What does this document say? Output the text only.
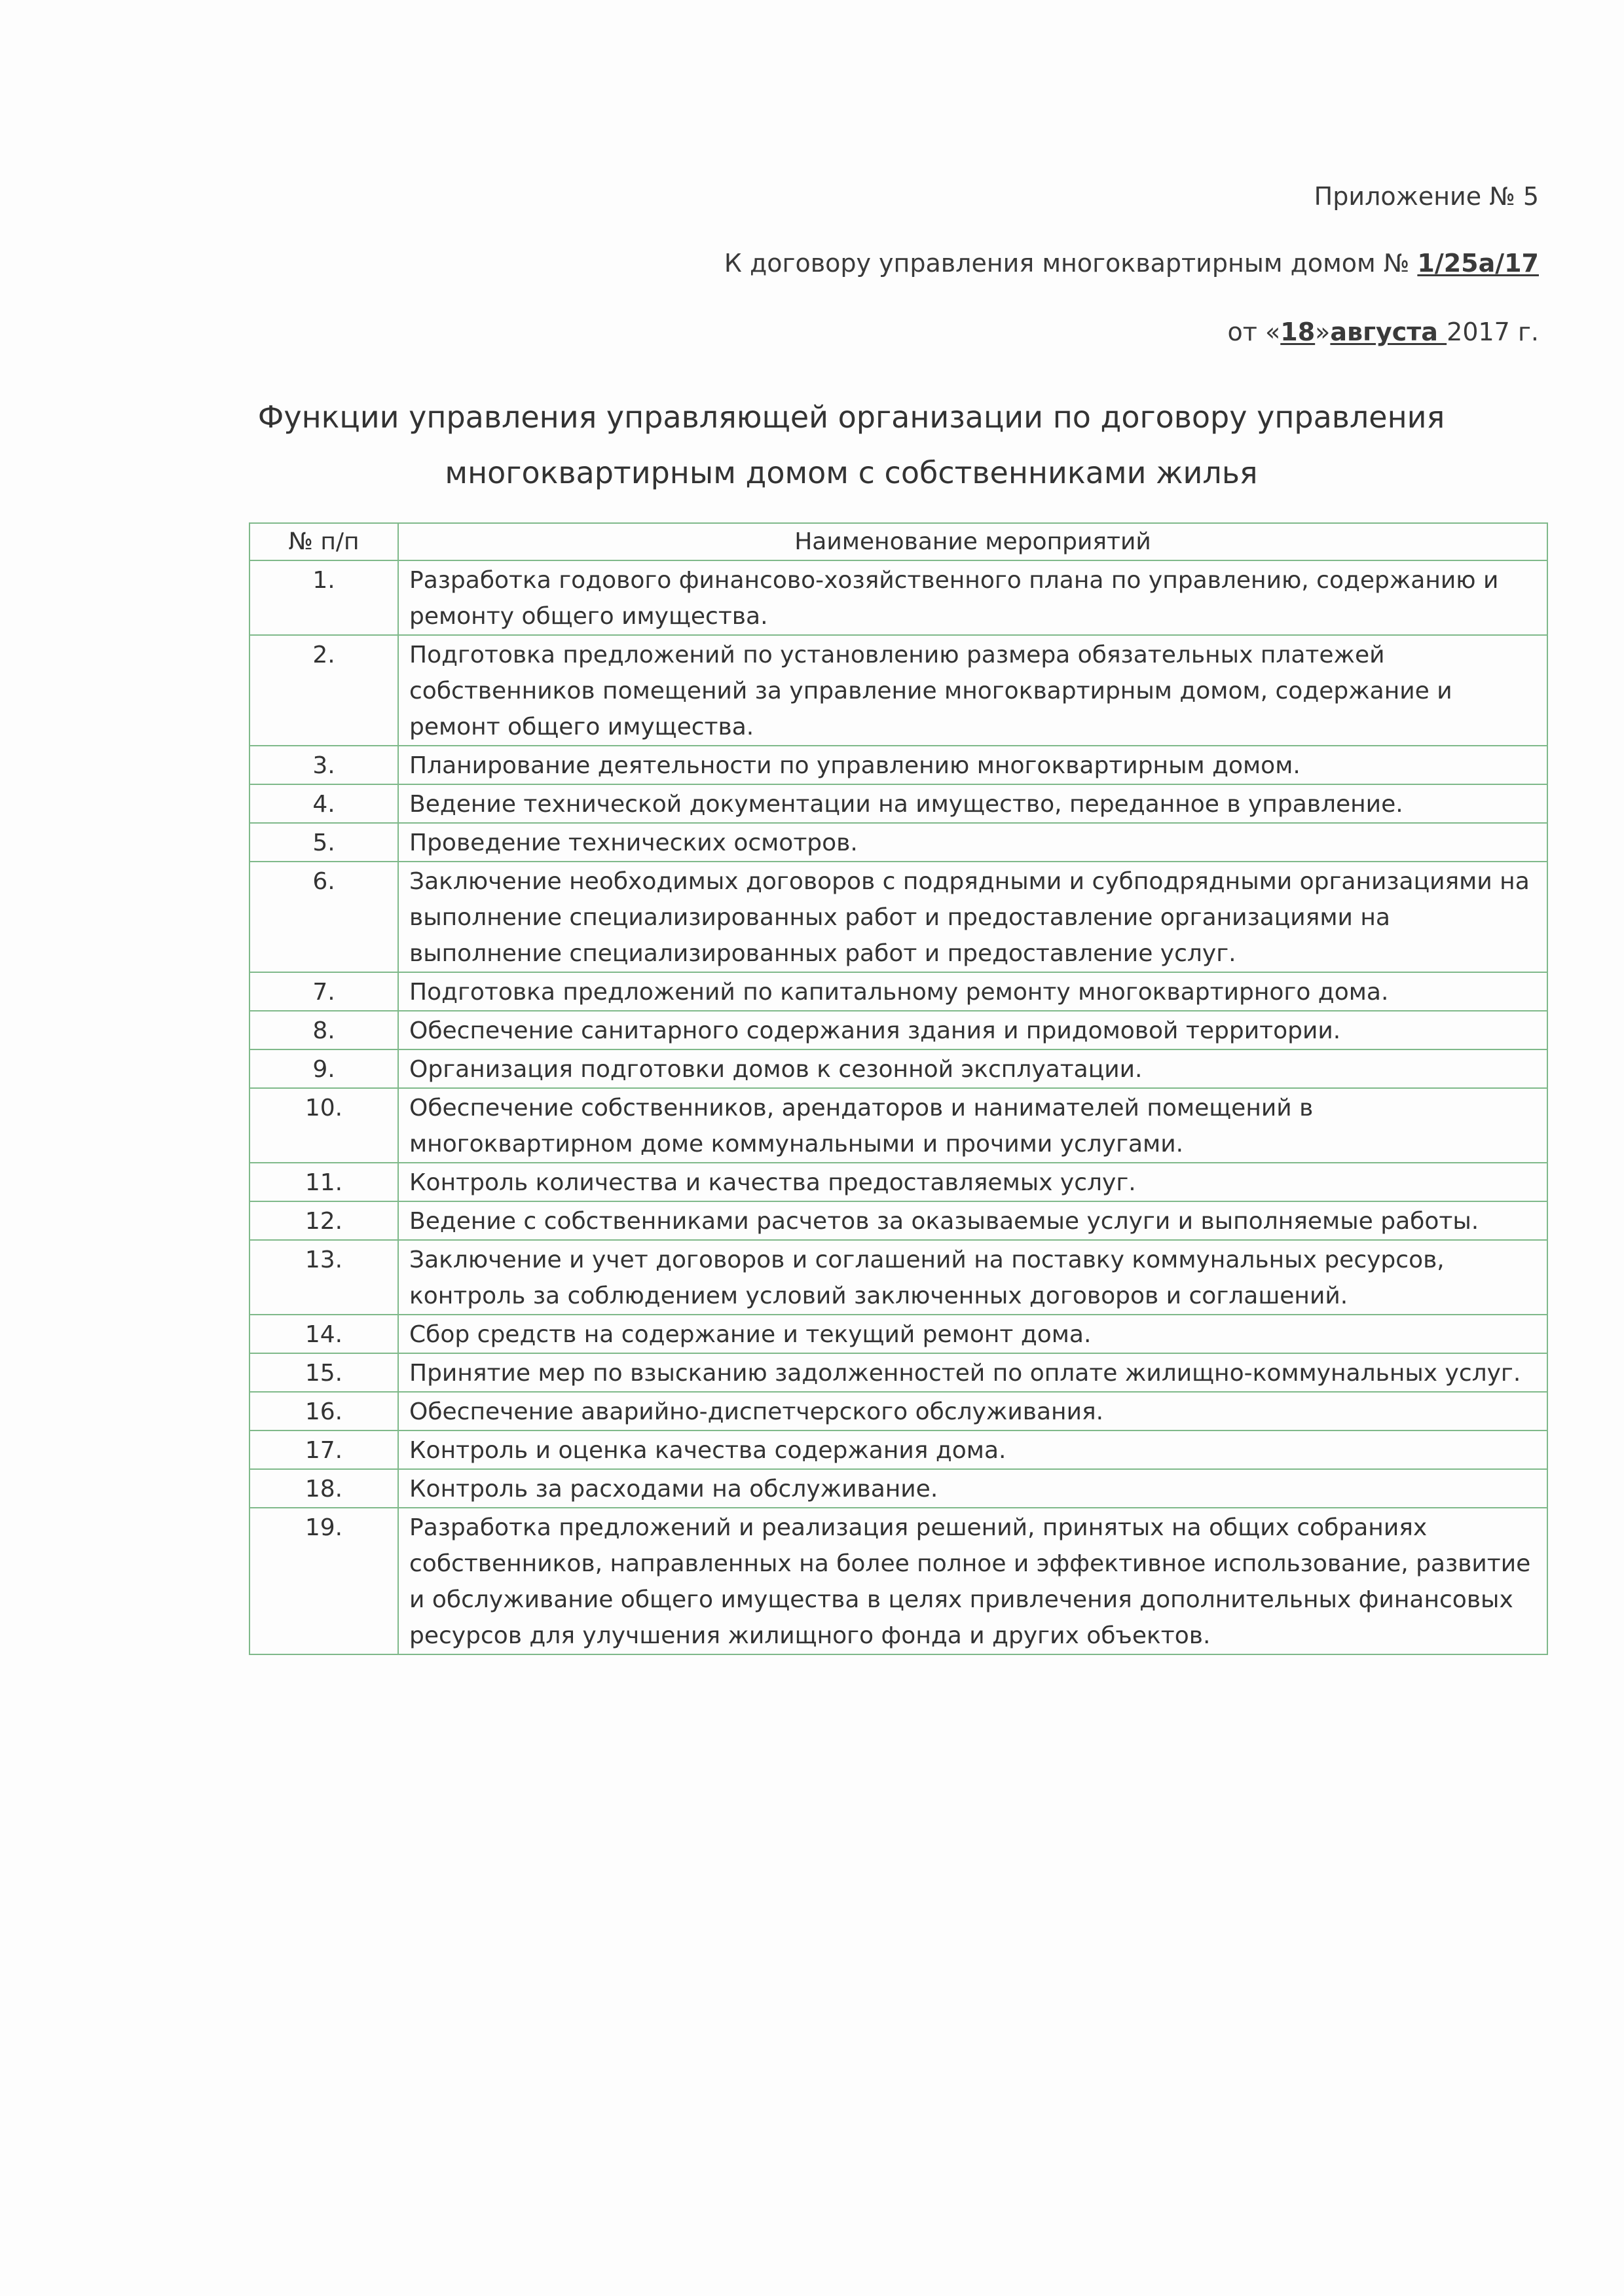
Приложение № 5
К договору управления многоквартирным домом № 1/25а/17
от «18»августа 2017 г.
Функции управления управляющей организации по договору управления
многоквартирным домом с собственниками жилья
№ п/п	Наименование мероприятий
1.	Разработка годового финансово-хозяйственного плана по управлению, содержанию и ремонту общего имущества.
2.	Подготовка предложений по установлению размера обязательных платежей собственников помещений за управление многоквартирным домом, содержание и ремонт общего имущества.
3.	Планирование деятельности по управлению многоквартирным домом.
4.	Ведение технической документации на имущество, переданное в управление.
5.	Проведение технических осмотров.
6.	Заключение необходимых договоров с подрядными и субподрядными организациями на выполнение специализированных работ и предоставление организациями на выполнение специализированных работ и предоставление услуг.
7.	Подготовка предложений по капитальному ремонту многоквартирного дома.
8.	Обеспечение санитарного содержания здания и придомовой территории.
9.	Организация подготовки домов к сезонной эксплуатации.
10.	Обеспечение собственников, арендаторов и нанимателей помещений в многоквартирном доме коммунальными и прочими услугами.
11.	Контроль количества и качества предоставляемых услуг.
12.	Ведение с собственниками расчетов за оказываемые услуги и выполняемые работы.
13.	Заключение и учет договоров и соглашений на поставку коммунальных ресурсов, контроль за соблюдением условий заключенных договоров и соглашений.
14.	Сбор средств на содержание и текущий ремонт дома.
15.	Принятие мер по взысканию задолженностей по оплате жилищно-коммунальных услуг.
16.	Обеспечение аварийно-диспетчерского обслуживания.
17.	Контроль и оценка качества содержания дома.
18.	Контроль за расходами на обслуживание.
19.	Разработка предложений и реализация решений, принятых на общих собраниях собственников, направленных на более полное и эффективное использование, развитие и обслуживание общего имущества в целях привлечения дополнительных финансовых ресурсов для улучшения жилищного фонда и других объектов.
